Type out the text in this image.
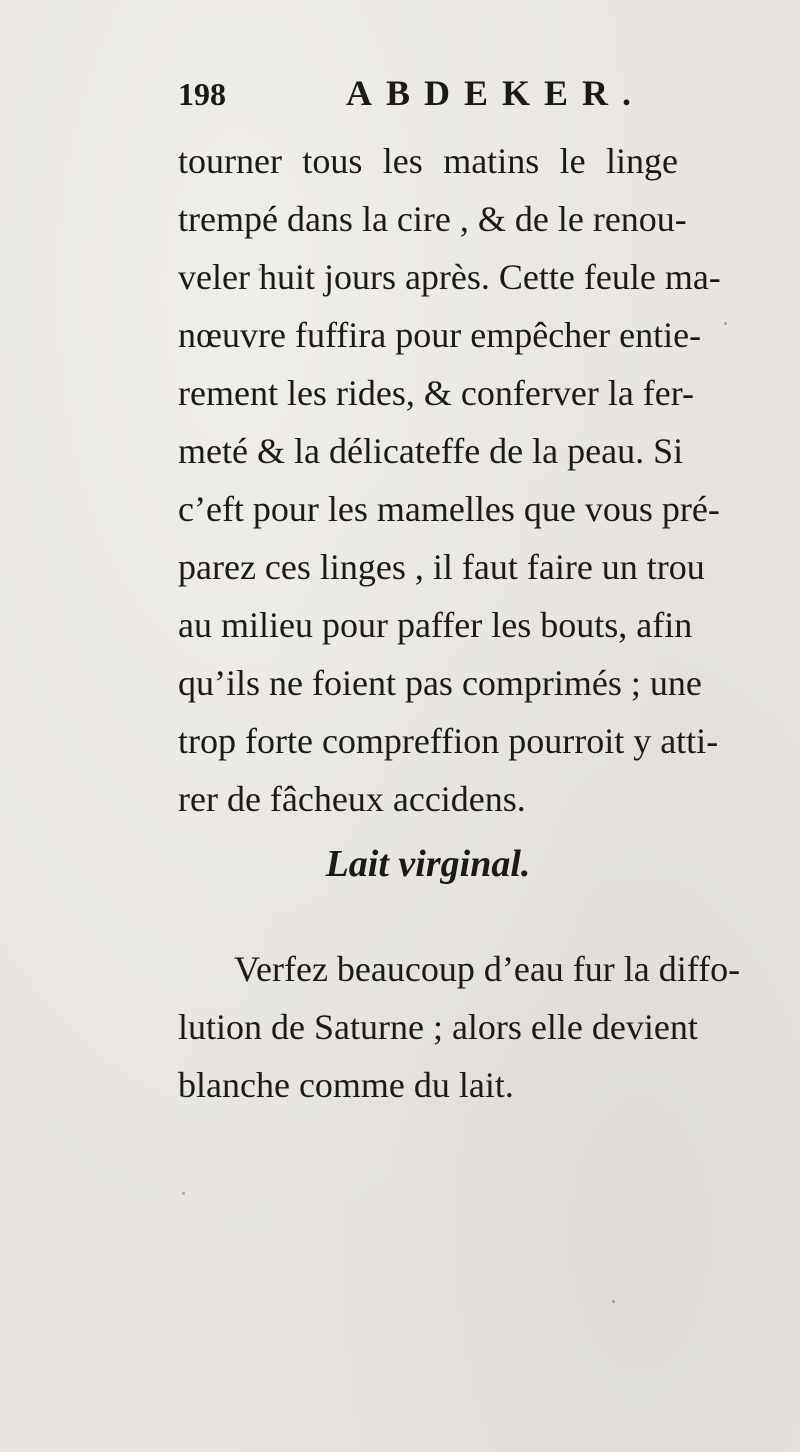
198	ABDEKER.
tourner tous les matins le linge
trempé dans la cire , & de le renou-
veler huit jours après. Cette feule ma-
nœuvre fuffira pour empêcher entie-
rement les rides, & conferver la fer-
meté & la délicateffe de la peau. Si
c’eft pour les mamelles que vous pré-
parez ces linges , il faut faire un trou
au milieu pour paffer les bouts, afin
qu’ils ne foient pas comprimés ; une
trop forte compreffion pourroit y atti-
rer de fâcheux accidens.
Lait virginal.
Verfez beaucoup d’eau fur la diffo-
lution de Saturne ; alors elle devient
blanche comme du lait.
